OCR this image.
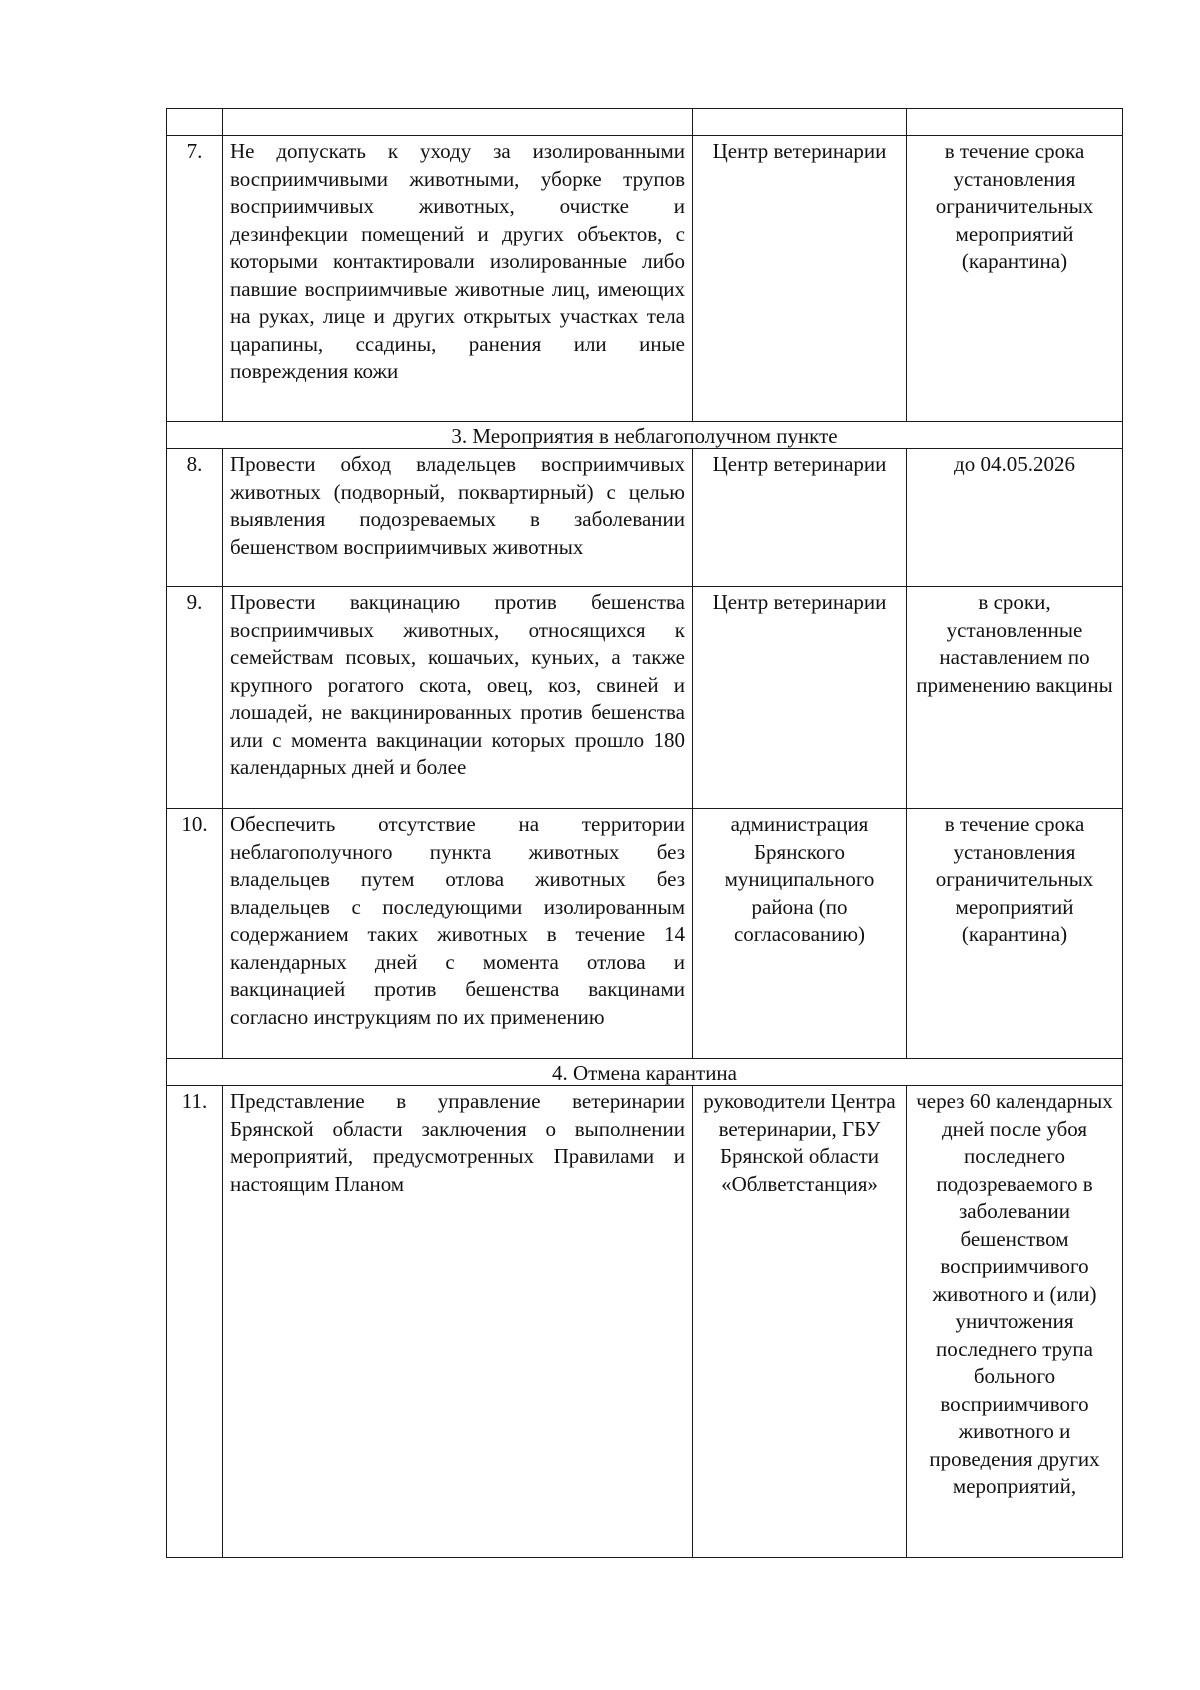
7.	Не допускать к уходу за изолированными восприимчивыми животными, уборке трупов восприимчивых животных, очистке и дезинфекции помещений и других объектов, с которыми контактировали изолированные либо павшие восприимчивые животные лиц, имеющих на руках, лице и других открытых участках тела царапины, ссадины, ранения или иные повреждения кожи	Центр ветеринарии	в течение срока установления ограничительных мероприятий (карантина)
3. Мероприятия в неблагополучном пункте			
8.	Провести обход владельцев восприимчивых животных (подворный, поквартирный) с целью выявления подозреваемых в заболевании бешенством восприимчивых животных	Центр ветеринарии	до 04.05.2026
9.	Провести вакцинацию против бешенства восприимчивых животных, относящихся к семействам псовых, кошачьих, куньих, а также крупного рогатого скота, овец, коз, свиней и лошадей, не вакцинированных против бешенства или с момента вакцинации которых прошло 180 календарных дней и более	Центр ветеринарии	в сроки, установленные наставлением по применению вакцины
10.	Обеспечить отсутствие на территории неблагополучного пункта животных без владельцев путем отлова животных без владельцев с последующими изолированным содержанием таких животных в течение 14 календарных дней с момента отлова и вакцинацией против бешенства вакцинами согласно инструкциям по их применению	администрация Брянского муниципального района (по согласованию)	в течение срока установления ограничительных мероприятий (карантина)
4. Отмена карантина			
11.	Представление в управление ветеринарии Брянской области заключения о выполнении мероприятий, предусмотренных Правилами и настоящим Планом	руководители Центра ветеринарии, ГБУ Брянской области «Облветстанция»	через 60 календарных дней после убоя последнего подозреваемого в заболевании бешенством восприимчивого животного и (или) уничтожения последнего трупа больного восприимчивого животного и проведения других мероприятий,
